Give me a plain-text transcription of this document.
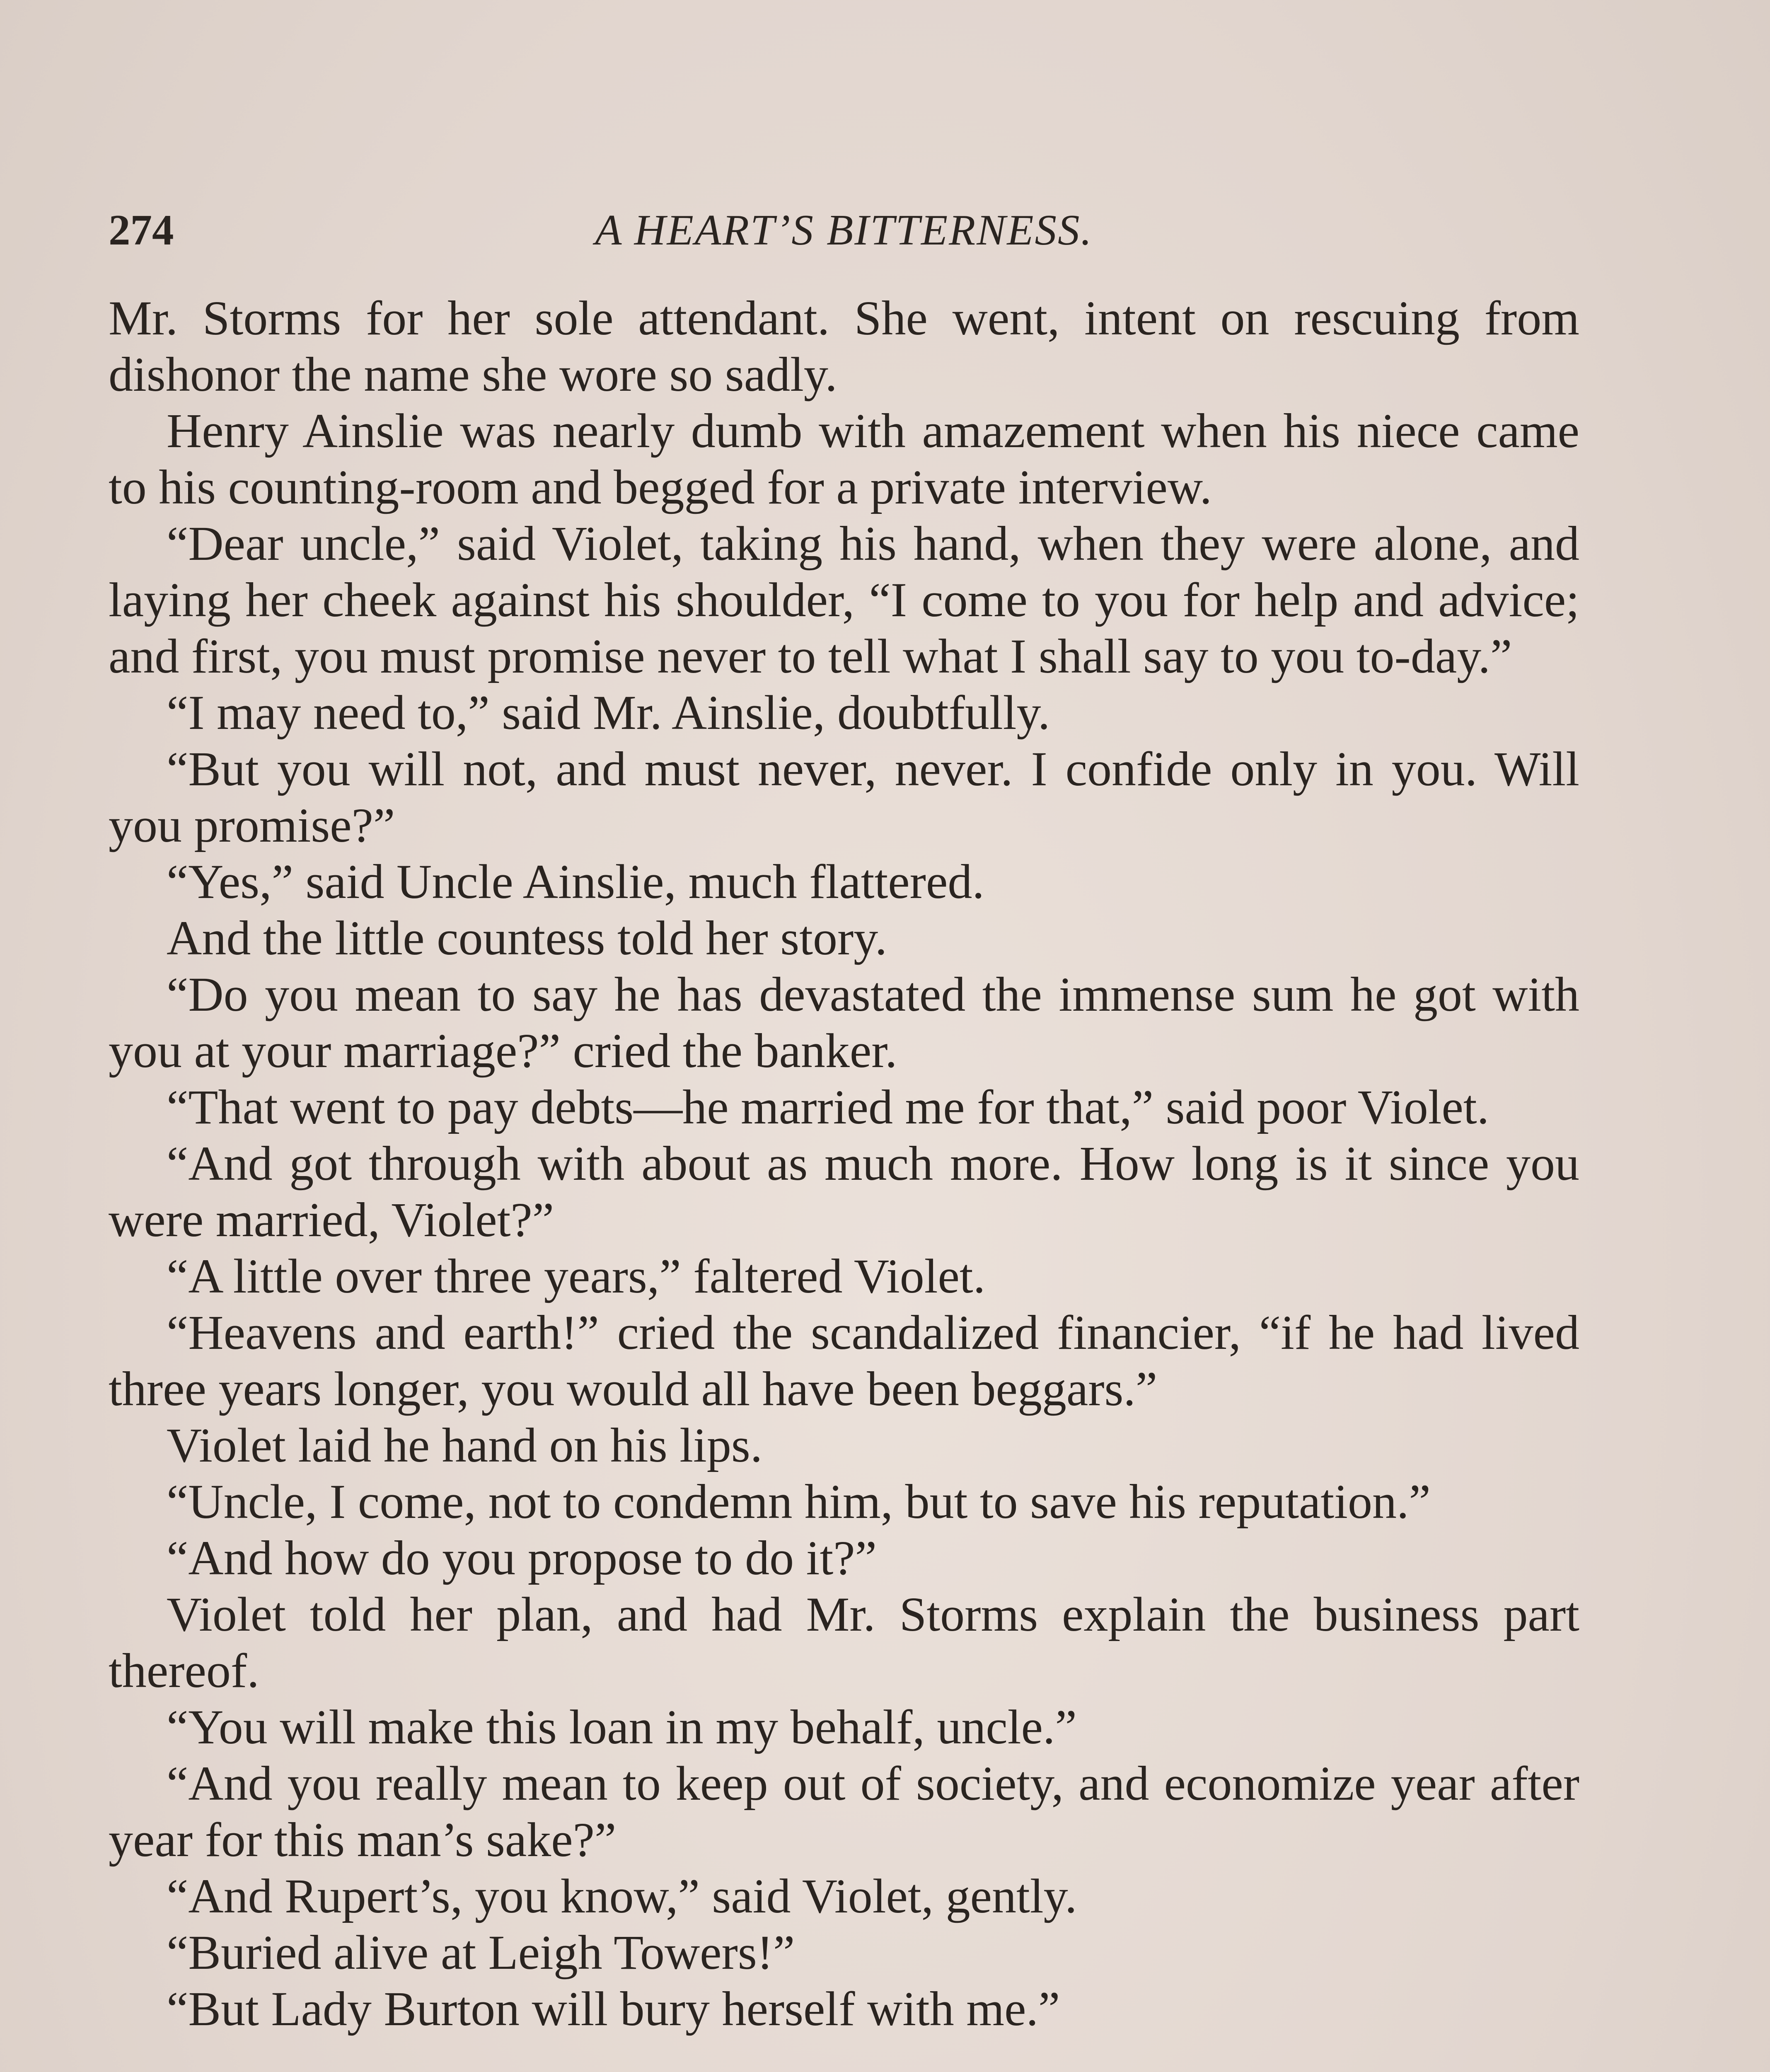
274	A HEART’S BITTERNESS.

Mr. Storms for her sole attendant. She went, intent on rescuing from dishonor the name she wore so sadly.

Henry Ainslie was nearly dumb with amazement when his niece came to his counting-room and begged for a private interview.

“Dear uncle,” said Violet, taking his hand, when they were alone, and laying her cheek against his shoulder, “I come to you for help and advice; and first, you must promise never to tell what I shall say to you to-day.”

“I may need to,” said Mr. Ainslie, doubtfully.

“But you will not, and must never, never. I confide only in you. Will you promise?”

“Yes,” said Uncle Ainslie, much flattered.

And the little countess told her story.

“Do you mean to say he has devastated the immense sum he got with you at your marriage?” cried the banker.

“That went to pay debts—he married me for that,” said poor Violet.

“And got through with about as much more. How long is it since you were married, Violet?”

“A little over three years,” faltered Violet.

“Heavens and earth!” cried the scandalized financier, “if he had lived three years longer, you would all have been beggars.”

Violet laid he hand on his lips.

“Uncle, I come, not to condemn him, but to save his reputation.”

“And how do you propose to do it?”

Violet told her plan, and had Mr. Storms explain the business part thereof.

“You will make this loan in my behalf, uncle.”

“And you really mean to keep out of society, and economize year after year for this man’s sake?”

“And Rupert’s, you know,” said Violet, gently.

“Buried alive at Leigh Towers!”

“But Lady Burton will bury herself with me.”
